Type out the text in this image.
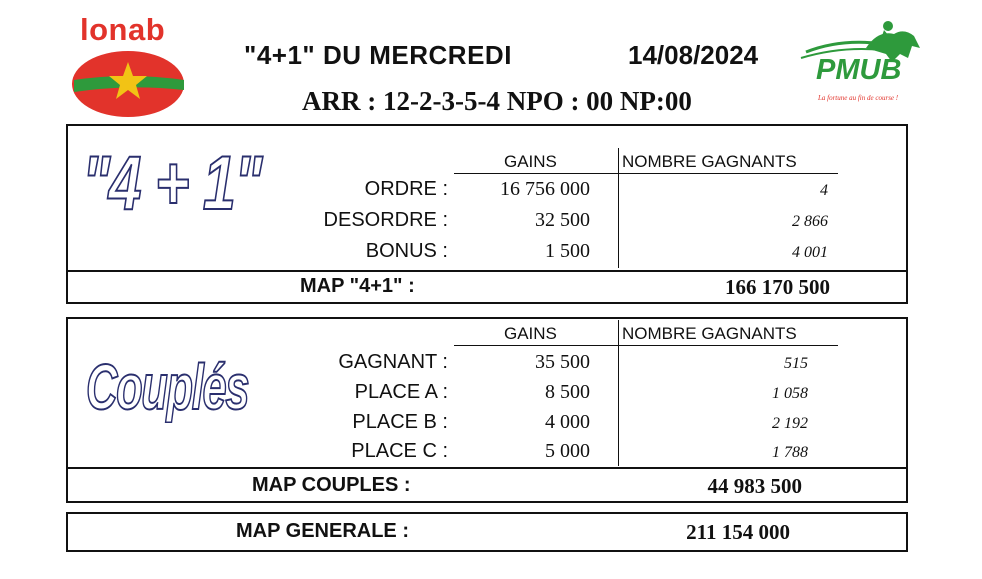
lonab
"4+1" DU MERCREDI	14/08/2024
ARR : 12-2-3-5-4 NPO : 00 NP:00
PMUB
La fortune au fin de course !
"4 + 1"	GAINS	NOMBRE GAGNANTS
ORDRE :	16 756 000	4
DESORDRE :	32 500	2 866
BONUS :	1 500	4 001
MAP "4+1" :	166 170 500
Couplés
GAINS	NOMBRE GAGNANTS
GAGNANT :	35 500	515
PLACE A :	8 500	1 058
PLACE B :	4 000	2 192
PLACE C :	5 000	1 788
MAP COUPLES :	44 983 500
MAP GENERALE :	211 154 000
